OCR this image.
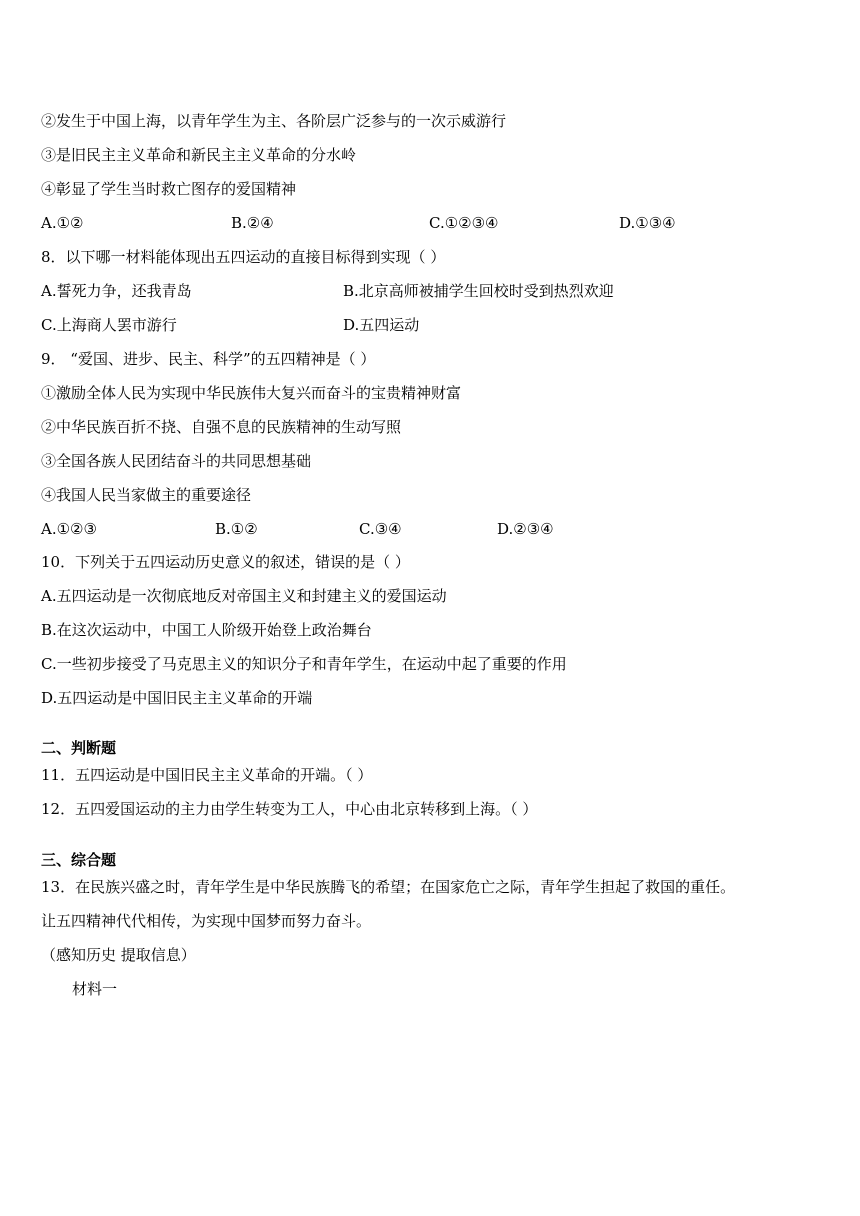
②发生于中国上海，以青年学生为主、各阶层广泛参与的一次示威游行
③是旧民主主义革命和新民主主义革命的分水岭
④彰显了学生当时救亡图存的爱国精神
A.①②	B.②④	C.①②③④	D.①③④
8．以下哪一材料能体现出五四运动的直接目标得到实现（ ）
A.誓死力争，还我青岛	B.北京高师被捕学生回校时受到热烈欢迎
C.上海商人罢市游行	D.五四运动
9． “爱国、进步、民主、科学”的五四精神是（ ）
①激励全体人民为实现中华民族伟大复兴而奋斗的宝贵精神财富
②中华民族百折不挠、自强不息的民族精神的生动写照
③全国各族人民团结奋斗的共同思想基础
④我国人民当家做主的重要途径
A.①②③	B.①②	C.③④	D.②③④
10．下列关于五四运动历史意义的叙述，错误的是（ ）
A.五四运动是一次彻底地反对帝国主义和封建主义的爱国运动
B.在这次运动中，中国工人阶级开始登上政治舞台
C.一些初步接受了马克思主义的知识分子和青年学生，在运动中起了重要的作用
D.五四运动是中国旧民主主义革命的开端
二、判断题
11．五四运动是中国旧民主主义革命的开端。（ ）
12．五四爱国运动的主力由学生转变为工人，中心由北京转移到上海。（ ）
三、综合题
13．在民族兴盛之时，青年学生是中华民族腾飞的希望；在国家危亡之际，青年学生担起了救国的重任。
让五四精神代代相传，为实现中国梦而努力奋斗。
（感知历史 提取信息）
材料一
